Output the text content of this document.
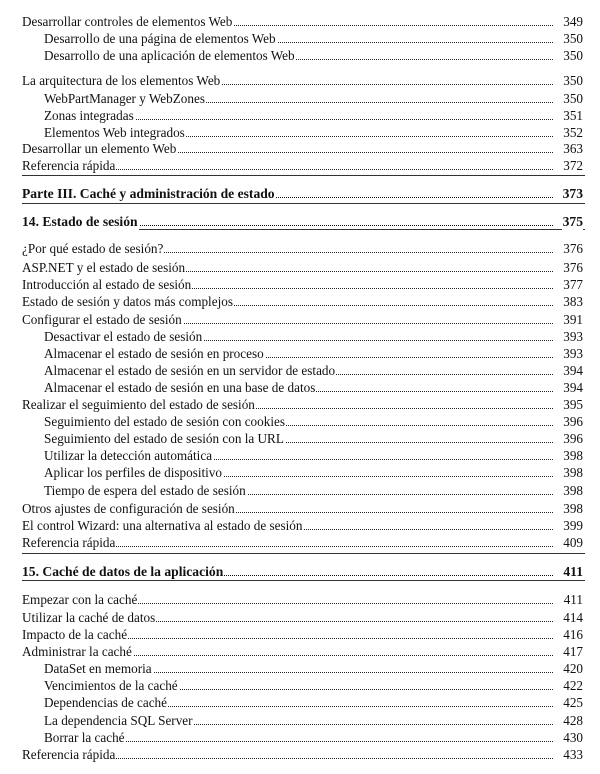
Desarrollar controles de elementos Web	349
Desarrollo de una página de elementos Web	350
Desarrollo de una aplicación de elementos Web	350
La arquitectura de los elementos Web	350
WebPartManager y WebZones	350
Zonas integradas	351
Elementos Web integrados	352
Desarrollar un elemento Web	363
Referencia rápida	372
Parte III. Caché y administración de estado	373
14. Estado de sesión	375
¿Por qué estado de sesión?	376
ASP.NET y el estado de sesión	376
Introducción al estado de sesión	377
Estado de sesión y datos más complejos	383
Configurar el estado de sesión	391
Desactivar el estado de sesión	393
Almacenar el estado de sesión en proceso	393
Almacenar el estado de sesión en un servidor de estado	394
Almacenar el estado de sesión en una base de datos	394
Realizar el seguimiento del estado de sesión	395
Seguimiento del estado de sesión con cookies	396
Seguimiento del estado de sesión con la URL	396
Utilizar la detección automática	398
Aplicar los perfiles de dispositivo	398
Tiempo de espera del estado de sesión	398
Otros ajustes de configuración de sesión	398
El control Wizard: una alternativa al estado de sesión	399
Referencia rápida	409
15. Caché de datos de la aplicación	411
Empezar con la caché	411
Utilizar la caché de datos	414
Impacto de la caché	416
Administrar la caché	417
DataSet en memoria	420
Vencimientos de la caché	422
Dependencias de caché	425
La dependencia SQL Server	428
Borrar la caché	430
Referencia rápida	433
